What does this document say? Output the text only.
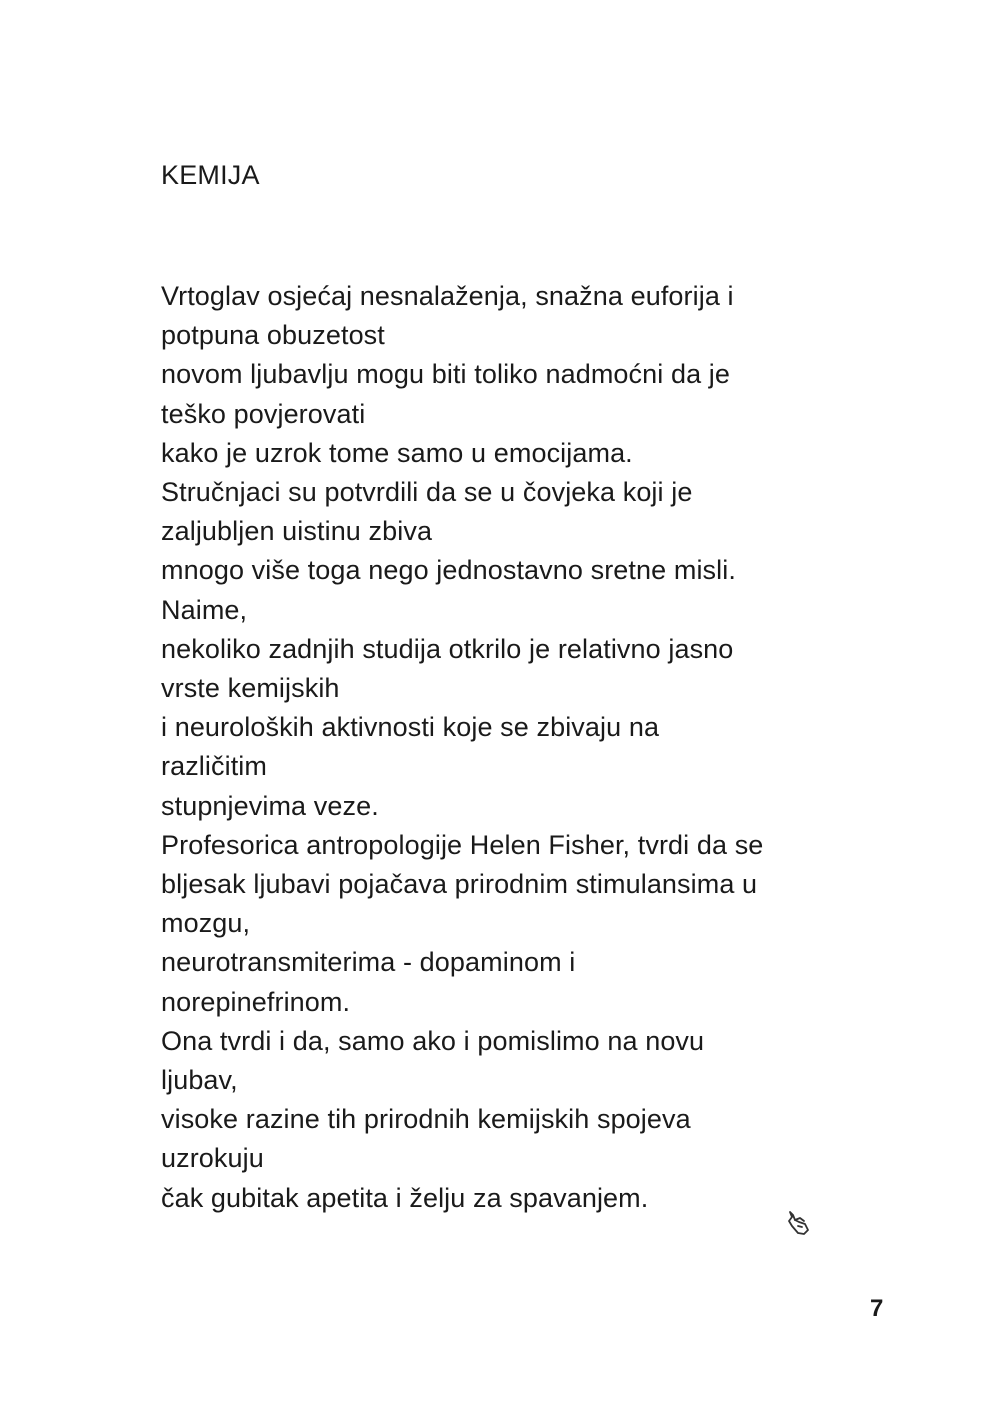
KEMIJA
Vrtoglav osjećaj nesnalaženja, snažna euforija i
potpuna obuzetost
novom ljubavlju mogu biti toliko nadmoćni da je
teško povjerovati
kako je uzrok tome samo u emocijama.
Stručnjaci su potvrdili da se u čovjeka koji je
zaljubljen uistinu zbiva
mnogo više toga nego jednostavno sretne misli.
Naime,
nekoliko zadnjih studija otkrilo je relativno jasno
vrste kemijskih
i neuroloških aktivnosti koje se zbivaju na
različitim
stupnjevima veze.
Profesorica antropologije Helen Fisher, tvrdi da se
bljesak ljubavi pojačava prirodnim stimulansima u
mozgu,
neurotransmiterima - dopaminom i
norepinefrinom.
Ona tvrdi i da, samo ako i pomislimo na novu
ljubav,
visoke razine tih prirodnih kemijskih spojeva
uzrokuju
čak gubitak apetita i želju za spavanjem.
7
